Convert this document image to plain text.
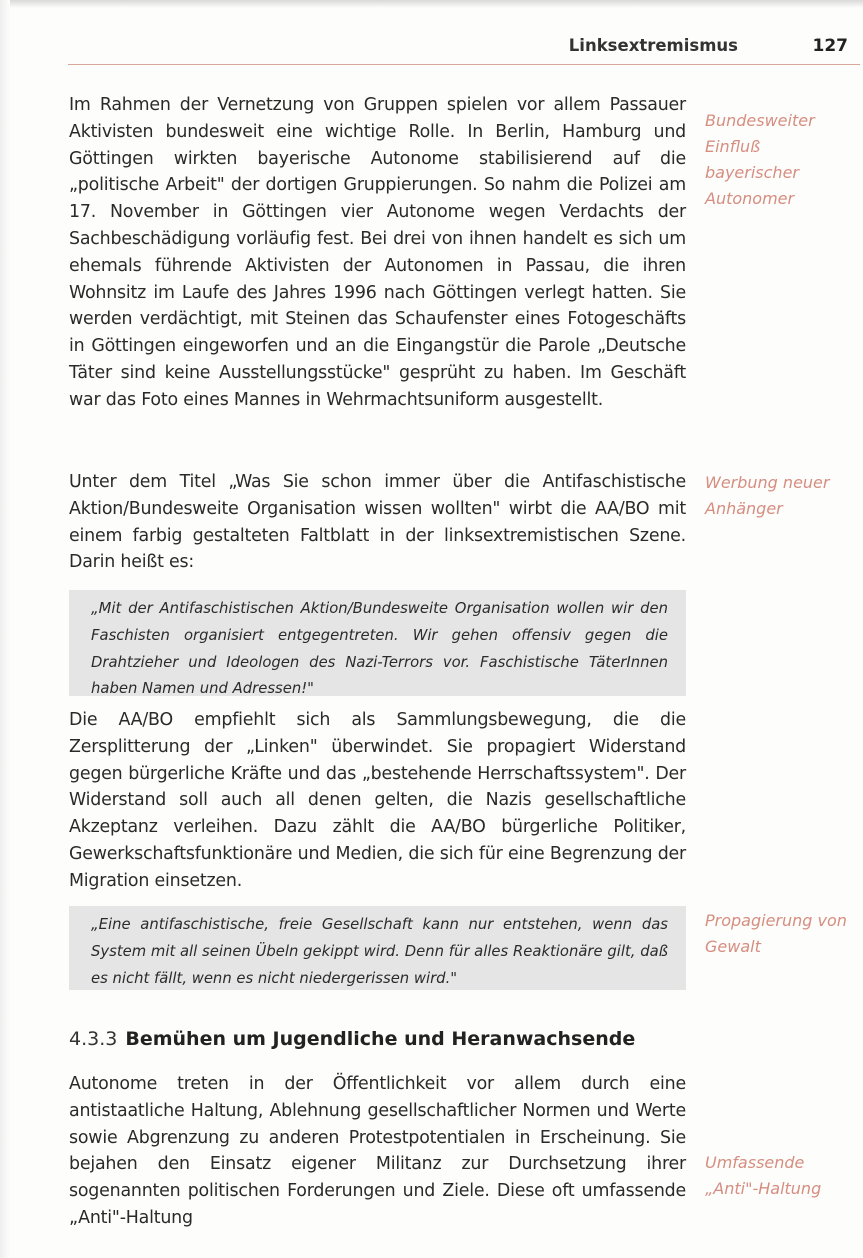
Linksextremismus	127

Im Rahmen der Vernetzung von Gruppen spielen vor allem Passauer Aktivisten bundesweit eine wichtige Rolle. In Berlin, Hamburg und Göttingen wirkten bayerische Autonome stabilisierend auf die „politische Arbeit" der dortigen Gruppierungen. So nahm die Polizei am 17. November in Göttingen vier Autonome wegen Verdachts der Sachbeschädigung vorläufig fest. Bei drei von ihnen handelt es sich um ehemals führende Aktivisten der Autonomen in Passau, die ihren Wohnsitz im Laufe des Jahres 1996 nach Göttingen verlegt hatten. Sie werden verdächtigt, mit Steinen das Schaufenster eines Fotogeschäfts in Göttingen eingeworfen und an die Eingangstür die Parole „Deutsche Täter sind keine Ausstellungsstücke" gesprüht zu haben. Im Geschäft war das Foto eines Mannes in Wehrmachtsuniform ausgestellt.

Bundesweiter Einfluß bayerischer Autonomer

Unter dem Titel „Was Sie schon immer über die Antifaschistische Aktion/Bundesweite Organisation wissen wollten" wirbt die AA/BO mit einem farbig gestalteten Faltblatt in der linksextremistischen Szene. Darin heißt es:

Werbung neuer Anhänger
„Mit der Antifaschistischen Aktion/Bundesweite Organisation wollen wir den Faschisten organisiert entgegentreten. Wir gehen offensiv gegen die Drahtzieher und Ideologen des Nazi-Terrors vor. Faschistische TäterInnen haben Namen und Adressen!"

Die AA/BO empfiehlt sich als Sammlungsbewegung, die die Zersplitterung der „Linken" überwindet. Sie propagiert Widerstand gegen bürgerliche Kräfte und das „bestehende Herrschaftssystem". Der Widerstand soll auch all denen gelten, die Nazis gesellschaftliche Akzeptanz verleihen. Dazu zählt die AA/BO bürgerliche Politiker, Gewerkschaftsfunktionäre und Medien, die sich für eine Begrenzung der Migration einsetzen.

„Eine antifaschistische, freie Gesellschaft kann nur entstehen, wenn das System mit all seinen Übeln gekippt wird. Denn für alles Reaktionäre gilt, daß es nicht fällt, wenn es nicht niedergerissen wird."
Propagierung von Gewalt
4.3.3 Bemühen um Jugendliche und Heranwachsende

Autonome treten in der Öffentlichkeit vor allem durch eine antistaatliche Haltung, Ablehnung gesellschaftlicher Normen und Werte sowie Abgrenzung zu anderen Protestpotentialen in Erscheinung. Sie bejahen den Einsatz eigener Militanz zur Durchsetzung ihrer sogenannten politischen Forderungen und Ziele. Diese oft umfassende „Anti"-Haltung

Umfassende „Anti"-Haltung
